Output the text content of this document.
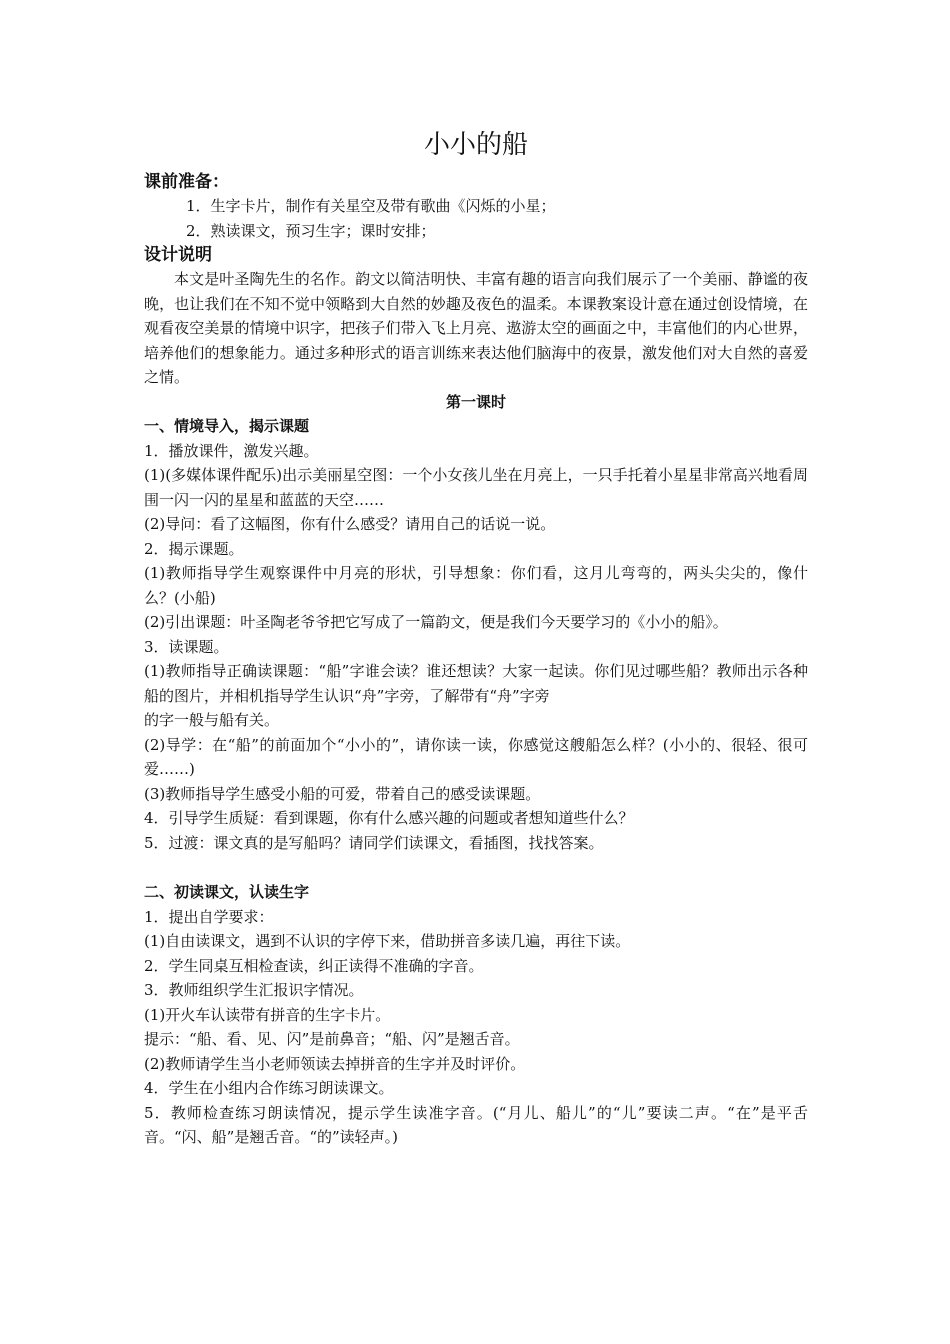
小小的船

课前准备：

1．生字卡片，制作有关星空及带有歌曲《闪烁的小星；

2．熟读课文，预习生字；课时安排；

设计说明

本文是叶圣陶先生的名作。韵文以简洁明快、丰富有趣的语言向我们展示了一个美丽、静谧的夜晚，也让我们在不知不觉中领略到大自然的妙趣及夜色的温柔。本课教案设计意在通过创设情境，在观看夜空美景的情境中识字，把孩子们带入飞上月亮、遨游太空的画面之中，丰富他们的内心世界，培养他们的想象能力。通过多种形式的语言训练来表达他们脑海中的夜景，激发他们对大自然的喜爱之情。

第一课时

一、情境导入，揭示课题

1．播放课件，激发兴趣。

(1)(多媒体课件配乐)出示美丽星空图：一个小女孩儿坐在月亮上，一只手托着小星星非常高兴地看周围一闪一闪的星星和蓝蓝的天空……

(2)导问：看了这幅图，你有什么感受？请用自己的话说一说。

2．揭示课题。

(1)教师指导学生观察课件中月亮的形状，引导想象：你们看，这月儿弯弯的，两头尖尖的，像什么？(小船)

(2)引出课题：叶圣陶老爷爷把它写成了一篇韵文，便是我们今天要学习的《小小的船》。

3．读课题。

(1)教师指导正确读课题：“船”字谁会读？谁还想读？大家一起读。你们见过哪些船？教师出示各种船的图片，并相机指导学生认识“舟”字旁，了解带有“舟”字旁

的字一般与船有关。

(2)导学：在“船”的前面加个“小小的”，请你读一读，你感觉这艘船怎么样？(小小的、很轻、很可爱……)

(3)教师指导学生感受小船的可爱，带着自己的感受读课题。

4．引导学生质疑：看到课题，你有什么感兴趣的问题或者想知道些什么？

5．过渡：课文真的是写船吗？请同学们读课文，看插图，找找答案。

二、初读课文，认读生字

1．提出自学要求：

(1)自由读课文，遇到不认识的字停下来，借助拼音多读几遍，再往下读。

2．学生同桌互相检查读，纠正读得不准确的字音。

3．教师组织学生汇报识字情况。

(1)开火车认读带有拼音的生字卡片。

提示：“船、看、见、闪”是前鼻音；“船、闪”是翘舌音。

(2)教师请学生当小老师领读去掉拼音的生字并及时评价。

4．学生在小组内合作练习朗读课文。

5．教师检查练习朗读情况，提示学生读准字音。(“月儿、船儿”的“儿”要读二声。“在”是平舌音。“闪、船”是翘舌音。“的”读轻声。)
